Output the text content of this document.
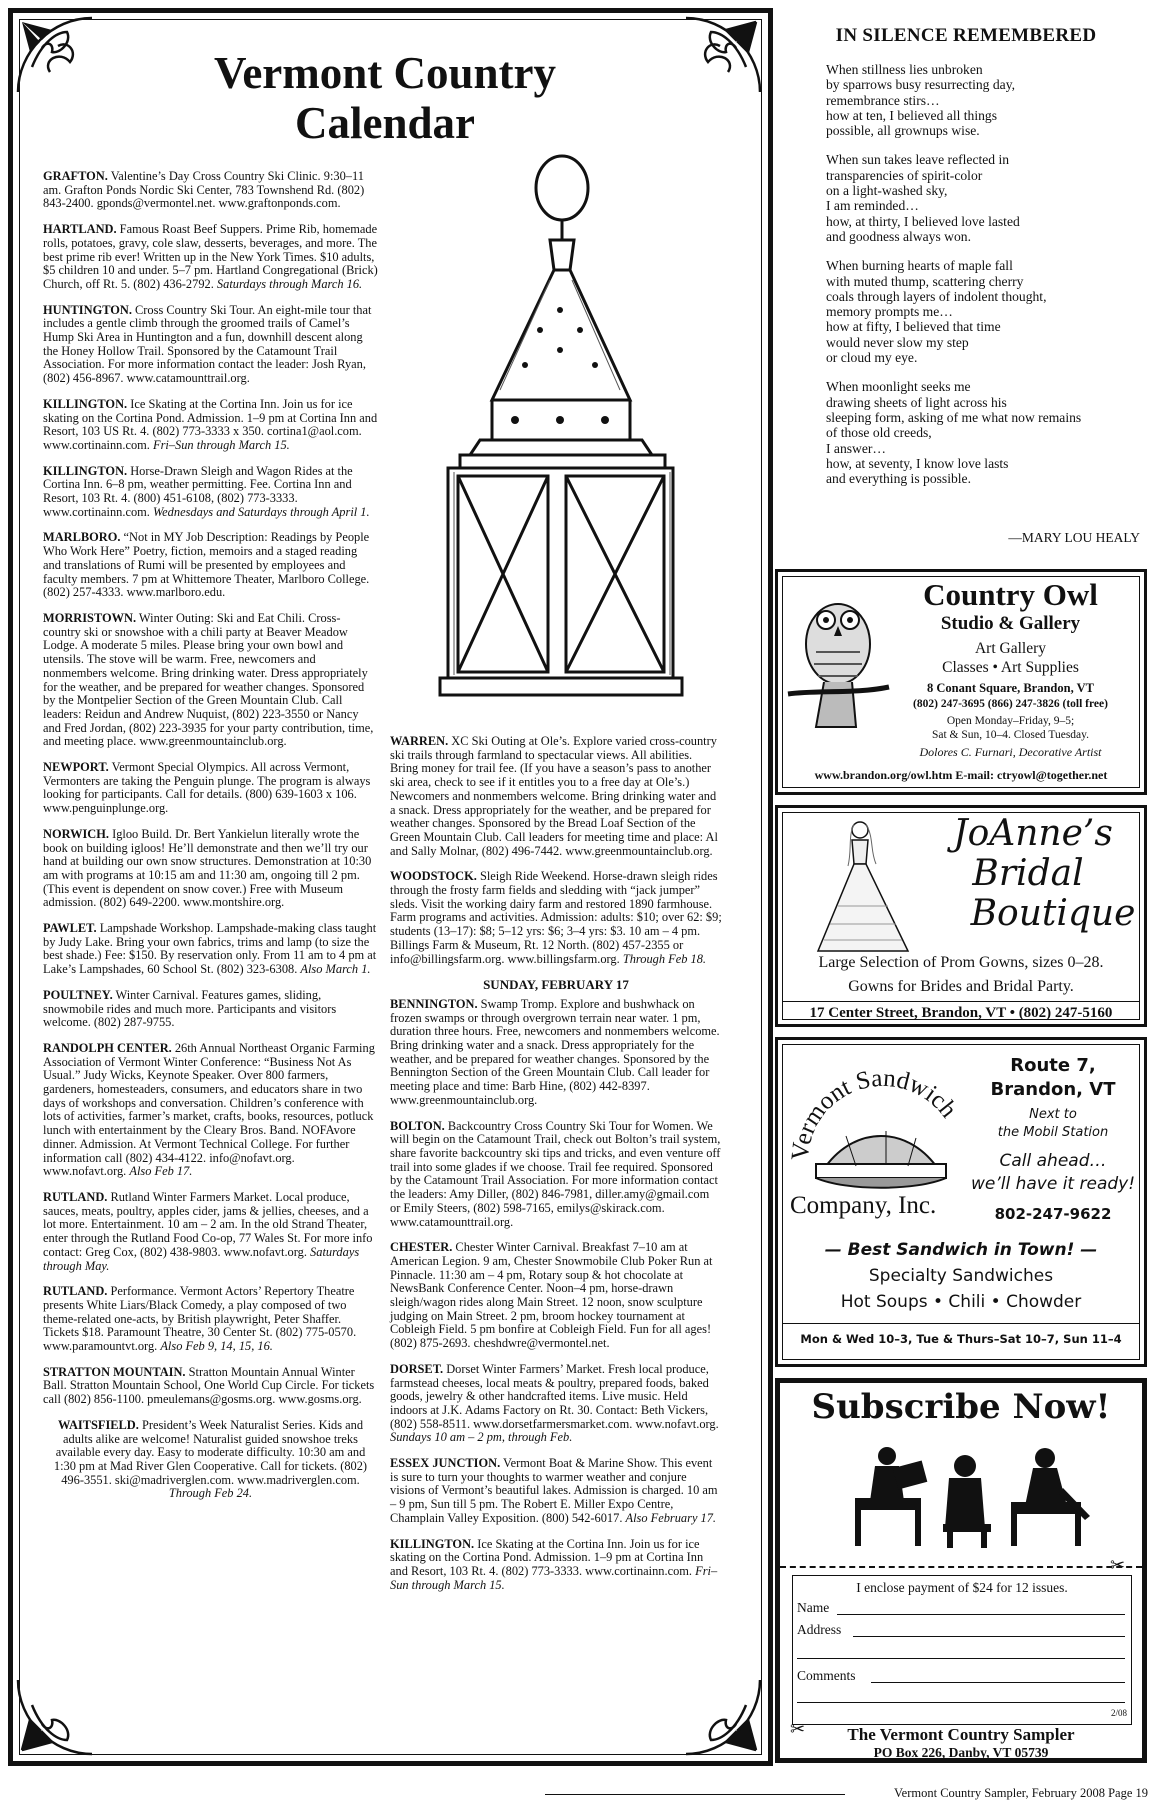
Vermont Country
Calendar
GRAFTON. Valentine’s Day Cross Country Ski Clinic. 9:30–11 am. Grafton Ponds Nordic Ski Center, 783 Townshend Rd. (802) 843-2400. gponds@vermontel.net. www.graftonponds.com.
HARTLAND. Famous Roast Beef Suppers. Prime Rib, homemade rolls, potatoes, gravy, cole slaw, desserts, beverages, and more. The best prime rib ever! Written up in the New York Times. $10 adults, $5 children 10 and under. 5–7 pm. Hartland Congregational (Brick) Church, off Rt. 5. (802) 436-2792. Saturdays through March 16.
HUNTINGTON. Cross Country Ski Tour. An eight-mile tour that includes a gentle climb through the groomed trails of Camel’s Hump Ski Area in Huntington and a fun, downhill descent along the Honey Hollow Trail. Sponsored by the Catamount Trail Association. For more information contact the leader: Josh Ryan, (802) 456-8967. www.catamounttrail.org.
KILLINGTON. Ice Skating at the Cortina Inn. Join us for ice skating on the Cortina Pond. Admission. 1–9 pm at Cortina Inn and Resort, 103 US Rt. 4. (802) 773-3333 x 350. cortina1@aol.com. www.cortinainn.com. Fri–Sun through March 15.
KILLINGTON. Horse-Drawn Sleigh and Wagon Rides at the Cortina Inn. 6–8 pm, weather permitting. Fee. Cortina Inn and Resort, 103 Rt. 4. (800) 451-6108, (802) 773-3333. www.cortinainn.com. Wednesdays and Saturdays through April 1.
MARLBORO. “Not in MY Job Description: Readings by People Who Work Here” Poetry, fiction, memoirs and a staged reading and translations of Rumi will be presented by employees and faculty members. 7 pm at Whittemore Theater, Marlboro College. (802) 257-4333. www.marlboro.edu.
MORRISTOWN. Winter Outing: Ski and Eat Chili. Cross-country ski or snowshoe with a chili party at Beaver Meadow Lodge. A moderate 5 miles. Please bring your own bowl and utensils. The stove will be warm. Free, newcomers and nonmembers welcome. Bring drinking water. Dress appropriately for the weather, and be prepared for weather changes. Sponsored by the Montpelier Section of the Green Mountain Club. Call leaders: Reidun and Andrew Nuquist, (802) 223-3550 or Nancy and Fred Jordan, (802) 223-3935 for your party contribution, time, and meeting place. www.greenmountainclub.org.
NEWPORT. Vermont Special Olympics. All across Vermont, Vermonters are taking the Penguin plunge. The program is always looking for participants. Call for details. (800) 639-1603 x 106. www.penguinplunge.org.
NORWICH. Igloo Build. Dr. Bert Yankielun literally wrote the book on building igloos! He’ll demonstrate and then we’ll try our hand at building our own snow structures. Demonstration at 10:30 am with programs at 10:15 am and 11:30 am, ongoing till 2 pm. (This event is dependent on snow cover.) Free with Museum admission. (802) 649-2200. www.montshire.org.
PAWLET. Lampshade Workshop. Lampshade-making class taught by Judy Lake. Bring your own fabrics, trims and lamp (to size the best shade.) Fee: $150. By reservation only. From 11 am to 4 pm at Lake’s Lampshades, 60 School St. (802) 323-6308. Also March 1.
POULTNEY. Winter Carnival. Features games, sliding, snowmobile rides and much more. Participants and visitors welcome. (802) 287-9755.
RANDOLPH CENTER. 26th Annual Northeast Organic Farming Association of Vermont Winter Conference: “Business Not As Usual.” Judy Wicks, Keynote Speaker. Over 800 farmers, gardeners, homesteaders, consumers, and educators share in two days of workshops and conversation. Children’s conference with lots of activities, farmer’s market, crafts, books, resources, potluck lunch with entertainment by the Cleary Bros. Band. NOFAvore dinner. Admission. At Vermont Technical College. For further information call (802) 434-4122. info@nofavt.org. www.nofavt.org. Also Feb 17.
RUTLAND. Rutland Winter Farmers Market. Local produce, sauces, meats, poultry, apples cider, jams & jellies, cheeses, and a lot more. Entertainment. 10 am – 2 am. In the old Strand Theater, enter through the Rutland Food Co-op, 77 Wales St. For more info contact: Greg Cox, (802) 438-9803. www.nofavt.org. Saturdays through May.
RUTLAND. Performance. Vermont Actors’ Repertory Theatre presents White Liars/Black Comedy, a play composed of two theme-related one-acts, by British playwright, Peter Shaffer. Tickets $18. Paramount Theatre, 30 Center St. (802) 775-0570. www.paramountvt.org. Also Feb 9, 14, 15, 16.
STRATTON MOUNTAIN. Stratton Mountain Annual Winter Ball. Stratton Mountain School, One World Cup Circle. For tickets call (802) 856-1100. pmeulemans@gosms.org. www.gosms.org.
WAITSFIELD. President’s Week Naturalist Series. Kids and adults alike are welcome! Naturalist guided snowshoe treks available every day. Easy to moderate difficulty. 10:30 am and 1:30 pm at Mad River Glen Cooperative. Call for tickets. (802) 496-3551. ski@madriverglen.com. www.madriverglen.com. Through Feb 24.
WARREN. XC Ski Outing at Ole’s. Explore varied cross-country ski trails through farmland to spectacular views. All abilities. Bring money for trail fee. (If you have a season’s pass to another ski area, check to see if it entitles you to a free day at Ole’s.) Newcomers and nonmembers welcome. Bring drinking water and a snack. Dress appropriately for the weather, and be prepared for weather changes. Sponsored by the Bread Loaf Section of the Green Mountain Club. Call leaders for meeting time and place: Al and Sally Molnar, (802) 496-7442. www.greenmountainclub.org.
WOODSTOCK. Sleigh Ride Weekend. Horse-drawn sleigh rides through the frosty farm fields and sledding with “jack jumper” sleds. Visit the working dairy farm and restored 1890 farmhouse. Farm programs and activities. Admission: adults: $10; over 62: $9; students (13–17): $8; 5–12 yrs: $6; 3–4 yrs: $3. 10 am – 4 pm. Billings Farm & Museum, Rt. 12 North. (802) 457-2355 or info@billingsfarm.org. www.billingsfarm.org. Through Feb 18.
SUNDAY, FEBRUARY 17
BENNINGTON. Swamp Tromp. Explore and bushwhack on frozen swamps or through overgrown terrain near water. 1 pm, duration three hours. Free, newcomers and nonmembers welcome. Bring drinking water and a snack. Dress appropriately for the weather, and be prepared for weather changes. Sponsored by the Bennington Section of the Green Mountain Club. Call leader for meeting place and time: Barb Hine, (802) 442-8397. www.greenmountainclub.org.
BOLTON. Backcountry Cross Country Ski Tour for Women. We will begin on the Catamount Trail, check out Bolton’s trail system, share favorite backcountry ski tips and tricks, and even venture off trail into some glades if we choose. Trail fee required. Sponsored by the Catamount Trail Association. For more information contact the leaders: Amy Diller, (802) 846-7981, diller.amy@gmail.com or Emily Steers, (802) 598-7165, emilys@skirack.com. www.catamounttrail.org.
CHESTER. Chester Winter Carnival. Breakfast 7–10 am at American Legion. 9 am, Chester Snowmobile Club Poker Run at Pinnacle. 11:30 am – 4 pm, Rotary soup & hot chocolate at NewsBank Conference Center. Noon–4 pm, horse-drawn sleigh/wagon rides along Main Street. 12 noon, snow sculpture judging on Main Street. 2 pm, broom hockey tournament at Cobleigh Field. 5 pm bonfire at Cobleigh Field. Fun for all ages! (802) 875-2693. cheshdwre@vermontel.net.
DORSET. Dorset Winter Farmers’ Market. Fresh local produce, farmstead cheeses, local meats & poultry, prepared foods, baked goods, jewelry & other handcrafted items. Live music. Held indoors at J.K. Adams Factory on Rt. 30. Contact: Beth Vickers, (802) 558-8511. www.dorsetfarmersmarket.com. www.nofavt.org. Sundays 10 am – 2 pm, through Feb.
ESSEX JUNCTION. Vermont Boat & Marine Show. This event is sure to turn your thoughts to warmer weather and conjure visions of Vermont’s beautiful lakes. Admission is charged. 10 am – 9 pm, Sun till 5 pm. The Robert E. Miller Expo Centre, Champlain Valley Exposition. (800) 542-6017. Also February 17.
KILLINGTON. Ice Skating at the Cortina Inn. Join us for ice skating on the Cortina Pond. Admission. 1–9 pm at Cortina Inn and Resort, 103 Rt. 4. (802) 773-3333. www.cortinainn.com. Fri–Sun through March 15.
IN SILENCE REMEMBERED
When stillness lies unbroken
by sparrows busy resurrecting day,
remembrance stirs…
how at ten, I believed all things
possible, all grownups wise.
When sun takes leave reflected in
transparencies of spirit-color
on a light-washed sky,
I am reminded…
how, at thirty, I believed love lasted
and goodness always won.
When burning hearts of maple fall
with muted thump, scattering cherry
coals through layers of indolent thought,
memory prompts me…
how at fifty, I believed that time
would never slow my step
or cloud my eye.
When moonlight seeks me
drawing sheets of light across his
sleeping form, asking of me what now remains
of those old creeds,
I answer…
how, at seventy, I know love lasts
and everything is possible.
—MARY LOU HEALY
Country Owl
Studio & Gallery
Art Gallery
Classes • Art Supplies
8 Conant Square, Brandon, VT
(802) 247-3695 (866) 247-3826 (toll free)
Open Monday–Friday, 9–5;
Sat & Sun, 10–4. Closed Tuesday.
Dolores C. Furnari, Decorative Artist
www.brandon.org/owl.htm E-mail: ctryowl@together.net
JoAnne’s
Bridal
Boutique
Large Selection of Prom Gowns, sizes 0–28.
Gowns for Brides and Bridal Party.
17 Center Street, Brandon, VT • (802) 247-5160
Vermont Sandwich
Company, Inc.
Route 7,
Brandon, VT
Next to
the Mobil Station
Call ahead…
we’ll have it ready!
802-247-9622
— Best Sandwich in Town! —
Specialty Sandwiches
Hot Soups • Chili • Chowder
Mon & Wed 10–3, Tue & Thurs–Sat 10–7, Sun 11–4
Subscribe Now!
✂
I enclose payment of $24 for 12 issues.
Name
Address
Comments
2/08
✂	The Vermont Country Sampler
PO Box 226, Danby, VT 05739
Vermont Country Sampler, February 2008 Page 19
